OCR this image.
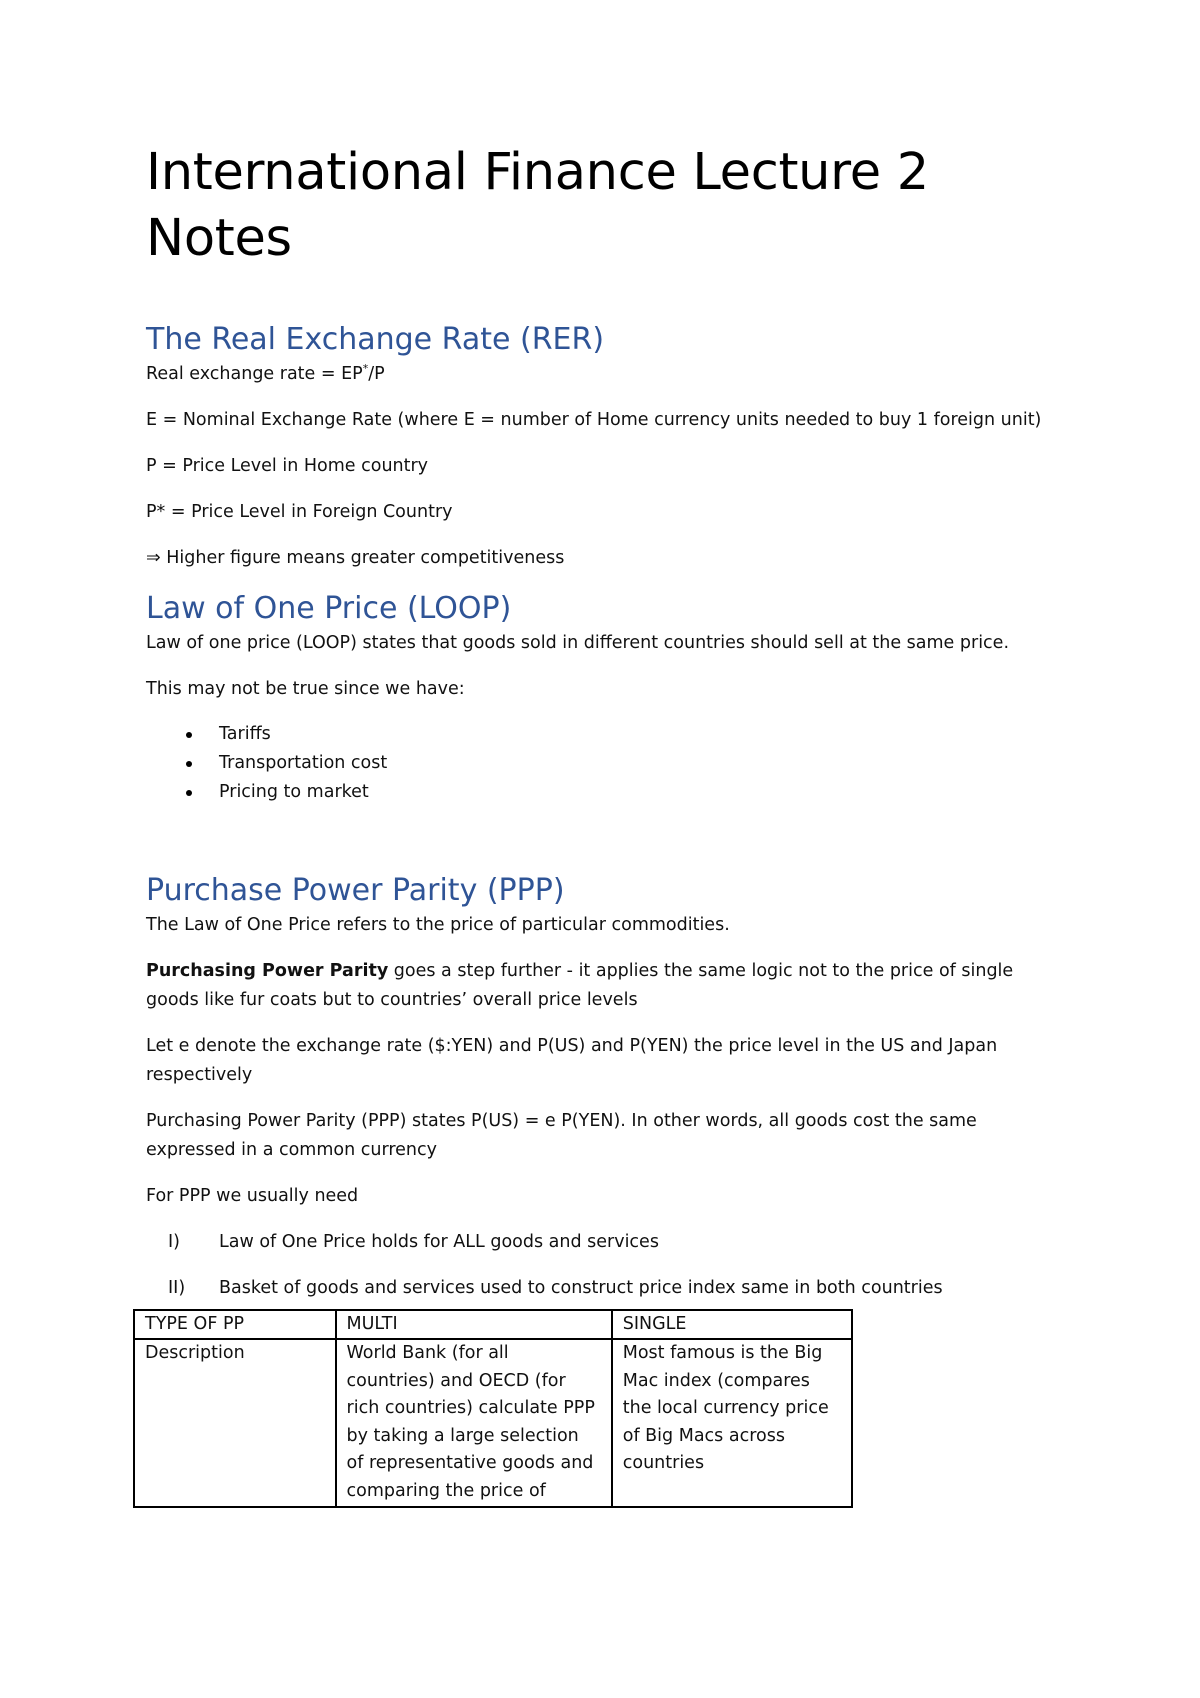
International Finance Lecture 2 Notes
The Real Exchange Rate (RER)

Real exchange rate = EP*/P

E = Nominal Exchange Rate (where E = number of Home currency units needed to buy 1 foreign unit)

P = Price Level in Home country

P* = Price Level in Foreign Country

⇒ Higher figure means greater competitiveness

Law of One Price (LOOP)

Law of one price (LOOP) states that goods sold in different countries should sell at the same price.

This may not be true since we have:

Tariffs
Transportation cost
Pricing to market
Purchase Power Parity (PPP)

The Law of One Price refers to the price of particular commodities.

Purchasing Power Parity goes a step further - it applies the same logic not to the price of single goods like fur coats but to countries’ overall price levels

Let e denote the exchange rate ($:YEN) and P(US) and P(YEN) the price level in the US and Japan respectively

Purchasing Power Parity (PPP) states P(US) = e P(YEN). In other words, all goods cost the same expressed in a common currency

For PPP we usually need

I) Law of One Price holds for ALL goods and services
II) Basket of goods and services used to construct price index same in both countries
TYPE OF PP	MULTI	SINGLE

Description	World Bank (for all countries) and OECD (for rich countries) calculate PPP by taking a large selection of representative goods and comparing the price of	Most famous is the Big Mac index (compares the local currency price of Big Macs across countries
